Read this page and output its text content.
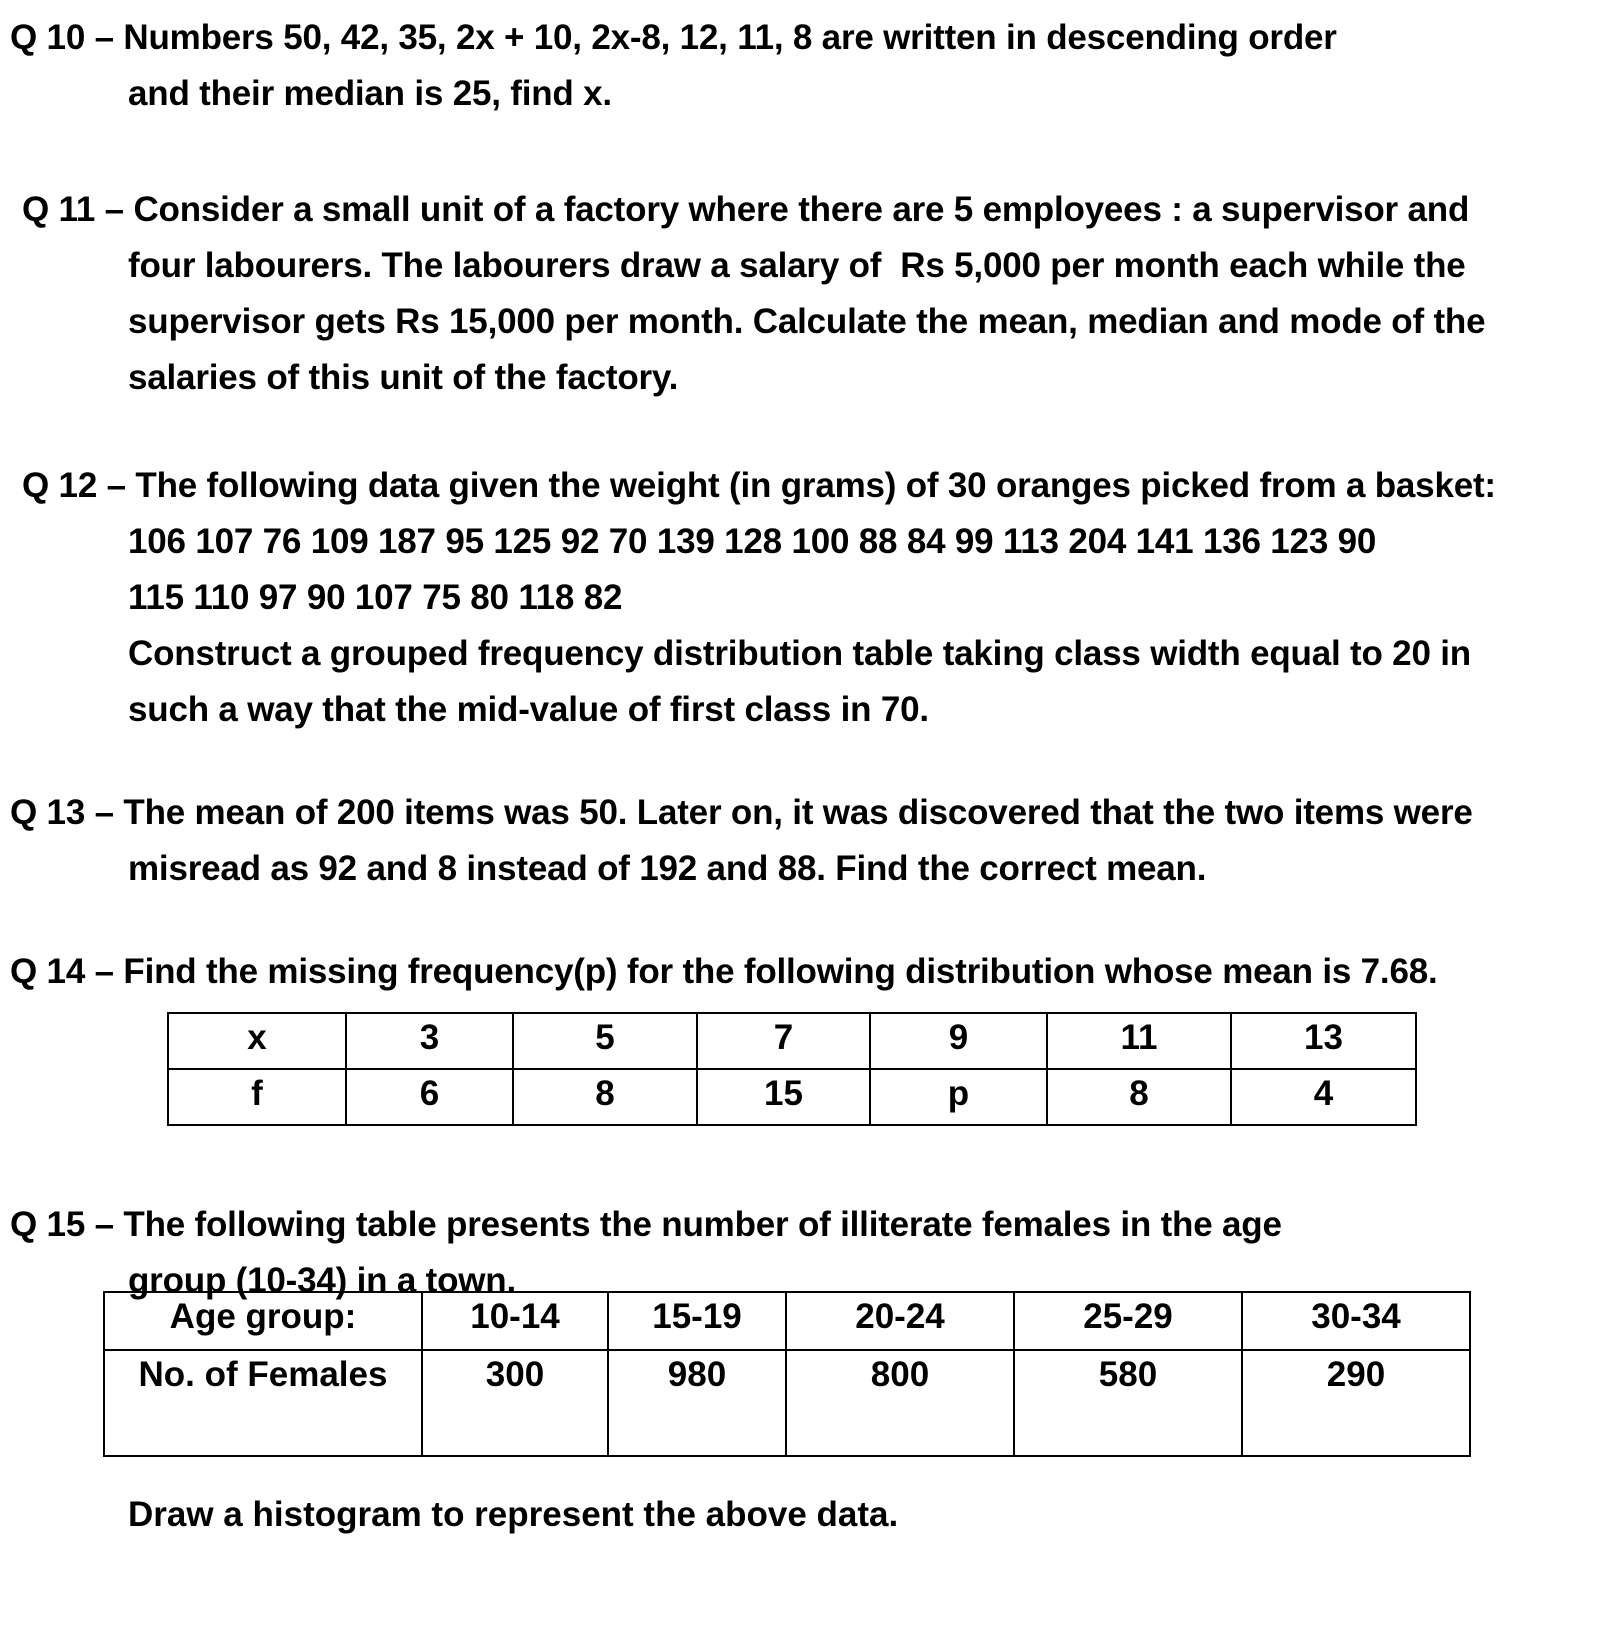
Q 10 – Numbers 50, 42, 35, 2x + 10, 2x-8, 12, 11, 8 are written in descending order
and their median is 25, find x.
Q 11 – Consider a small unit of a factory where there are 5 employees : a supervisor and
four labourers. The labourers draw a salary of  Rs 5,000 per month each while the
supervisor gets Rs 15,000 per month. Calculate the mean, median and mode of the
salaries of this unit of the factory.
Q 12 – The following data given the weight (in grams) of 30 oranges picked from a basket:
106 107 76 109 187 95 125 92 70 139 128 100 88 84 99 113 204 141 136 123 90
115 110 97 90 107 75 80 118 82
Construct a grouped frequency distribution table taking class width equal to 20 in
such a way that the mid-value of first class in 70.
Q 13 – The mean of 200 items was 50. Later on, it was discovered that the two items were
misread as 92 and 8 instead of 192 and 88. Find the correct mean.
Q 14 – Find the missing frequency(p) for the following distribution whose mean is 7.68.
x	3	5	7	9	11	13
f	6	8	15	p	8	4
Q 15 – The following table presents the number of illiterate females in the age
group (10-34) in a town.
Age group:	10-14	15-19	20-24	25-29	30-34
No. of Females	300	980	800	580	290
Draw a histogram to represent the above data.
